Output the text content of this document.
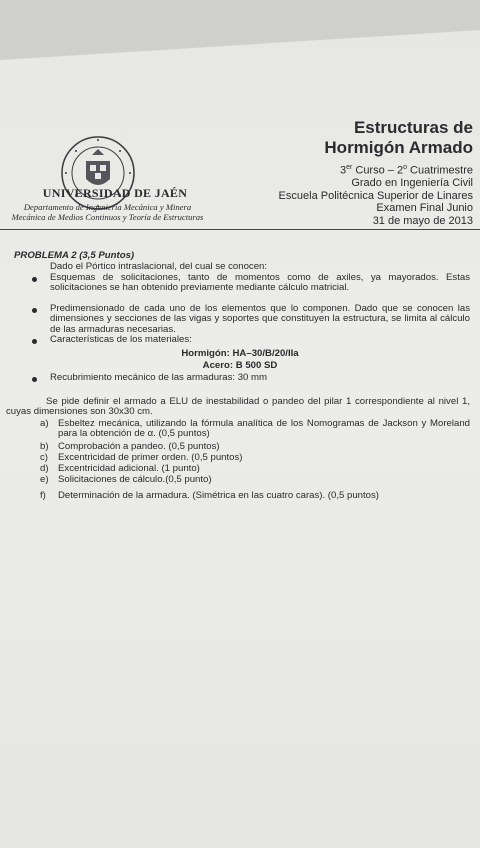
UNIVERSIDAD DE JAÉN
Departamento de Ingeniería Mecánica y Minera
Mecánica de Medios Continuos y Teoría de Estructuras
Estructuras de
Hormigón Armado
3er Curso – 2$^o$ Cuatrimestre
Grado en Ingeniería Civil
Escuela Politécnica Superior de Linares
Examen Final Junio
31 de mayo de 2013
PROBLEMA 2 (3,5 Puntos)
Dado el Pórtico intraslacional, del cual se conocen:
Esquemas de solicitaciones, tanto de momentos como de axiles, ya mayorados. Estas solicitaciones se han obtenido previamente mediante cálculo matricial.
Predimensionado de cada uno de los elementos que lo componen. Dado que se conocen las dimensiones y secciones de las vigas y soportes que constituyen la estructura, se limita al cálculo de las armaduras necesarias.
Características de los materiales:
Hormigón: HA–30/B/20/IIa
Acero: B 500 SD
Recubrimiento mecánico de las armaduras: 30 mm
Se pide definir el armado a ELU de inestabilidad o pandeo del pilar 1 correspondiente al nivel 1, cuyas dimensiones son 30x30 cm.
a) Esbeltez mecánica, utilizando la fórmula analítica de los Nomogramas de Jackson y Moreland para la obtención de α. (0,5 puntos)
b) Comprobación a pandeo. (0,5 puntos)
c) Excentricidad de primer orden. (0,5 puntos)
d) Excentricidad adicional. (1 punto)
e) Solicitaciones de cálculo.(0,5 punto)
f) Determinación de la armadura. (Simétrica en las cuatro caras). (0,5 puntos)
